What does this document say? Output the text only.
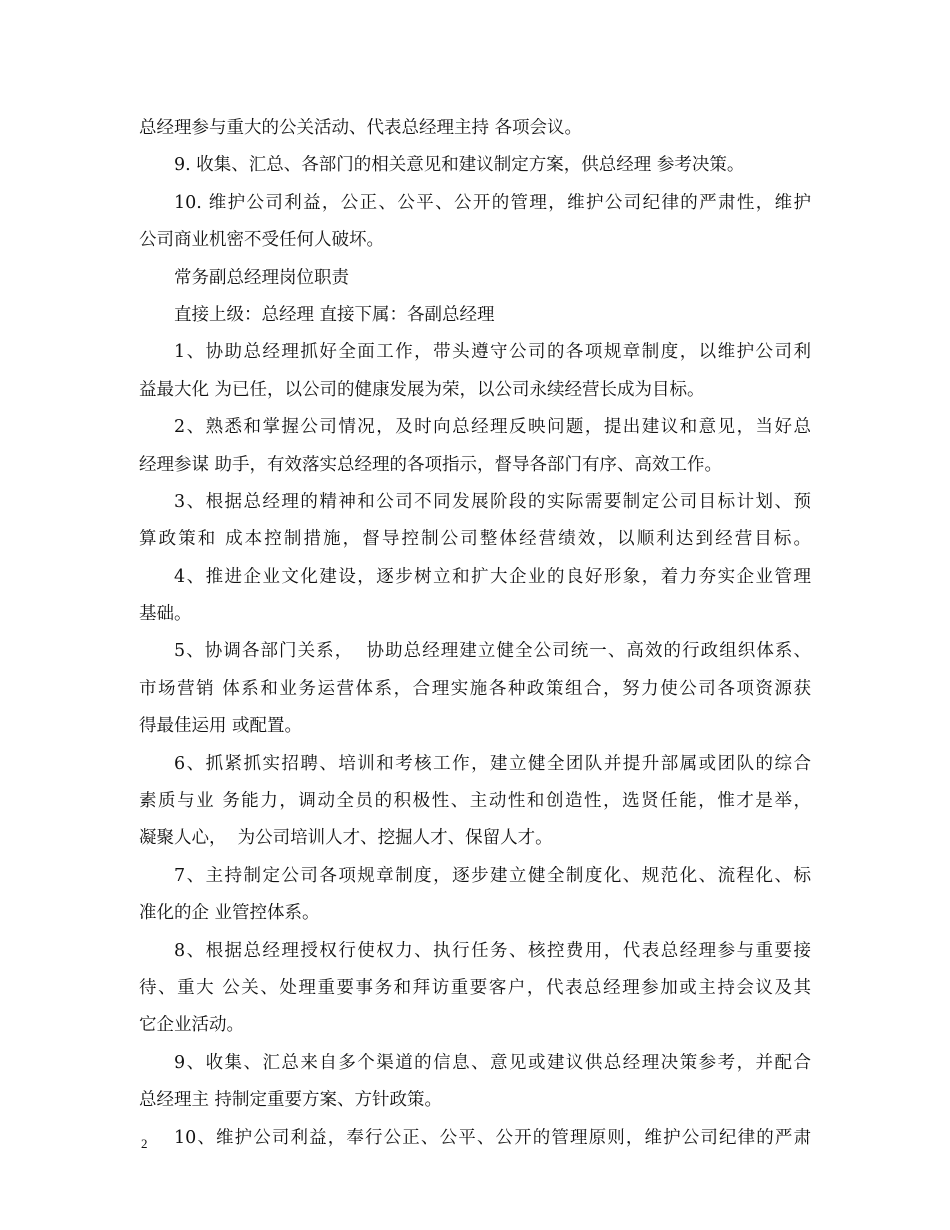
总经理参与重大的公关活动、代表总经理主持 各项会议。
9. 收集、汇总、各部门的相关意见和建议制定方案，供总经理 参考决策。
10. 维护公司利益，公正、公平、公开的管理，维护公司纪律的严肃性，维护
公司商业机密不受任何人破坏。
常务副总经理岗位职责
直接上级：总经理 直接下属：各副总经理
1、协助总经理抓好全面工作，带头遵守公司的各项规章制度，以维护公司利
益最大化 为已任，以公司的健康发展为荣，以公司永续经营长成为目标。
2、熟悉和掌握公司情况，及时向总经理反映问题，提出建议和意见，当好总
经理参谋 助手，有效落实总经理的各项指示，督导各部门有序、高效工作。
3、根据总经理的精神和公司不同发展阶段的实际需要制定公司目标计划、预
算政策和 成本控制措施，督导控制公司整体经营绩效，以顺利达到经营目标。
4、推进企业文化建设，逐步树立和扩大企业的良好形象，着力夯实企业管理
基础。
5、协调各部门关系，  协助总经理建立健全公司统一、高效的行政组织体系、
市场营销 体系和业务运营体系，合理实施各种政策组合，努力使公司各项资源获
得最佳运用 或配置。
6、抓紧抓实招聘、培训和考核工作，建立健全团队并提升部属或团队的综合
素质与业 务能力，调动全员的积极性、主动性和创造性，选贤任能，惟才是举，
凝聚人心，  为公司培训人才、挖掘人才、保留人才。
7、主持制定公司各项规章制度，逐步建立健全制度化、规范化、流程化、标
准化的企 业管控体系。
8、根据总经理授权行使权力、执行任务、核控费用，代表总经理参与重要接
待、重大 公关、处理重要事务和拜访重要客户，代表总经理参加或主持会议及其
它企业活动。
9、收集、汇总来自多个渠道的信息、意见或建议供总经理决策参考，并配合
总经理主 持制定重要方案、方针政策。
10、维护公司利益，奉行公正、公平、公开的管理原则，维护公司纪律的严肃
2
